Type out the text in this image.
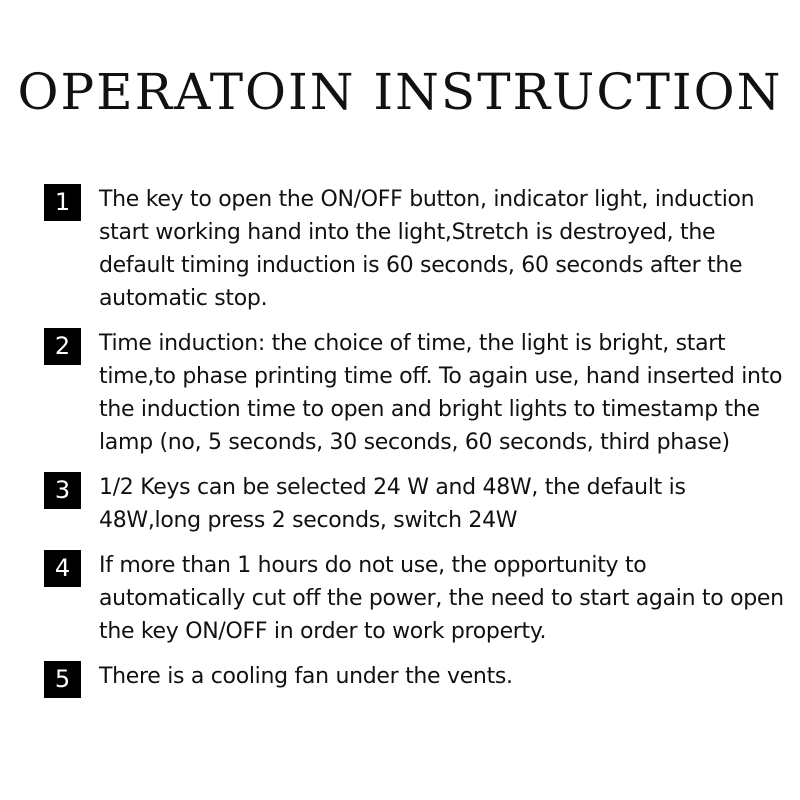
OPERATOIN INSTRUCTION
1	The key to open the ON/OFF button, indicator light, induction start working hand into the light,Stretch is destroyed, the default timing induction is 60 seconds, 60 seconds after the automatic stop.
2	Time induction: the choice of time, the light is bright, start time,to phase printing time off. To again use, hand inserted into the induction time to open and bright lights to timestamp the lamp (no, 5 seconds, 30 seconds, 60 seconds, third phase)
3	1/2 Keys can be selected 24 W and 48W, the default is 48W,long press 2 seconds, switch 24W
4	If more than 1 hours do not use, the opportunity to automatically cut off the power, the need to start again to open the key ON/OFF in order to work property.
5	There is a cooling fan under the vents.
